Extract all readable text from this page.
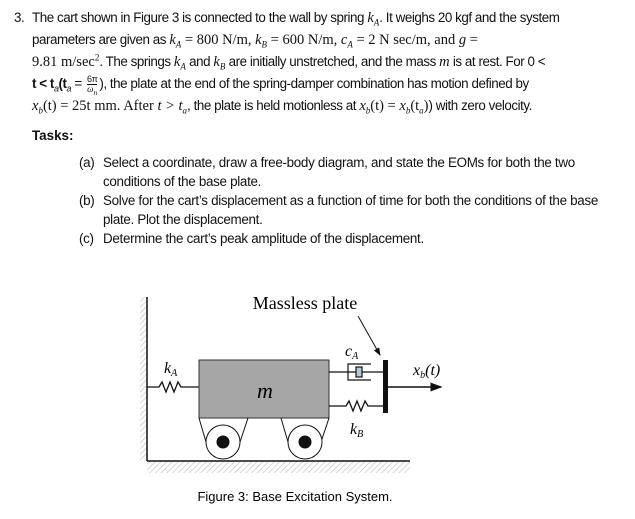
3. The cart shown in Figure 3 is connected to the wall by spring $k_A$. It weighs 20 kgf and the system
parameters are given as $k_A = 800$ N/m, $k_B = 600$ N/m, $c_A = 2$ N sec/m, and g =
9.81 $m/\sec^2$. The springs $k_A$ and $k_B$ are initially unstretched, and the mass m is at rest. For 0 <
$t < t_a(t_a = \frac{6\pi}{\omega_n}$ ), the plate at the end of the spring-damper combination has motion defined by
$x_b(t) = 25t$ mm. After $t > t_a$, the plate is held motionless at $x_b(t) = x_b(t_a)$) with zero velocity.
Tasks:
(a) Select a coordinate, draw a free-body diagram, and state the EOMs for both the two conditions of the base plate.
(b) Solve for the cart’s displacement as a function of time for both the conditions of the base plate. Plot the displacement.
(c) Determine the cart’s peak amplitude of the displacement.
Massless plate
m
kA
cA
kB
xb(t)
Figure 3: Base Excitation System.
